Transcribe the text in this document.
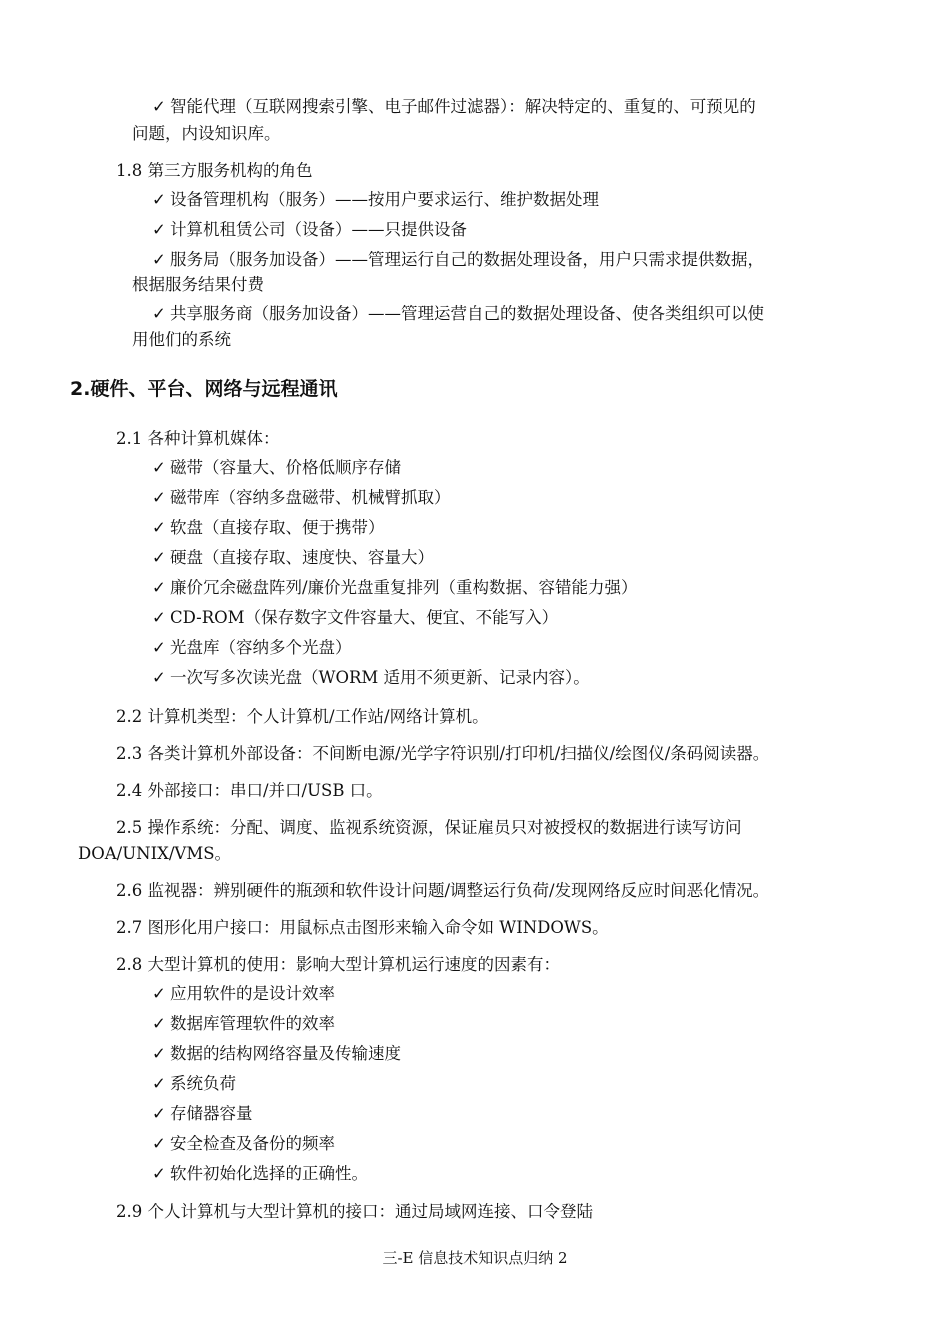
✓ 智能代理（互联网搜索引擎、电子邮件过滤器）：解决特定的、重复的、可预见的
问题，内设知识库。
1.8 第三方服务机构的角色
✓ 设备管理机构（服务）——按用户要求运行、维护数据处理
✓ 计算机租赁公司（设备）——只提供设备
✓ 服务局（服务加设备）——管理运行自己的数据处理设备，用户只需求提供数据，
根据服务结果付费
✓ 共享服务商（服务加设备）——管理运营自己的数据处理设备、使各类组织可以使
用他们的系统
2.硬件、平台、网络与远程通讯
2.1 各种计算机媒体：
✓ 磁带（容量大、价格低顺序存储
✓ 磁带库（容纳多盘磁带、机械臂抓取）
✓ 软盘（直接存取、便于携带）
✓ 硬盘（直接存取、速度快、容量大）
✓ 廉价冗余磁盘阵列/廉价光盘重复排列（重构数据、容错能力强）
✓ CD-ROM（保存数字文件容量大、便宜、不能写入）
✓ 光盘库（容纳多个光盘）
✓ 一次写多次读光盘（WORM 适用不须更新、记录内容）。
2.2 计算机类型：个人计算机/工作站/网络计算机。
2.3 各类计算机外部设备：不间断电源/光学字符识别/打印机/扫描仪/绘图仪/条码阅读器。
2.4 外部接口：串口/并口/USB 口。
2.5 操作系统：分配、调度、监视系统资源，保证雇员只对被授权的数据进行读写访问
DOA/UNIX/VMS。
2.6 监视器：辨别硬件的瓶颈和软件设计问题/调整运行负荷/发现网络反应时间恶化情况。
2.7 图形化用户接口：用鼠标点击图形来输入命令如 WINDOWS。
2.8 大型计算机的使用：影响大型计算机运行速度的因素有：
✓ 应用软件的是设计效率
✓ 数据库管理软件的效率
✓ 数据的结构网络容量及传输速度
✓ 系统负荷
✓ 存储器容量
✓ 安全检查及备份的频率
✓ 软件初始化选择的正确性。
2.9 个人计算机与大型计算机的接口：通过局域网连接、口令登陆
三-E 信息技术知识点归纳 2
